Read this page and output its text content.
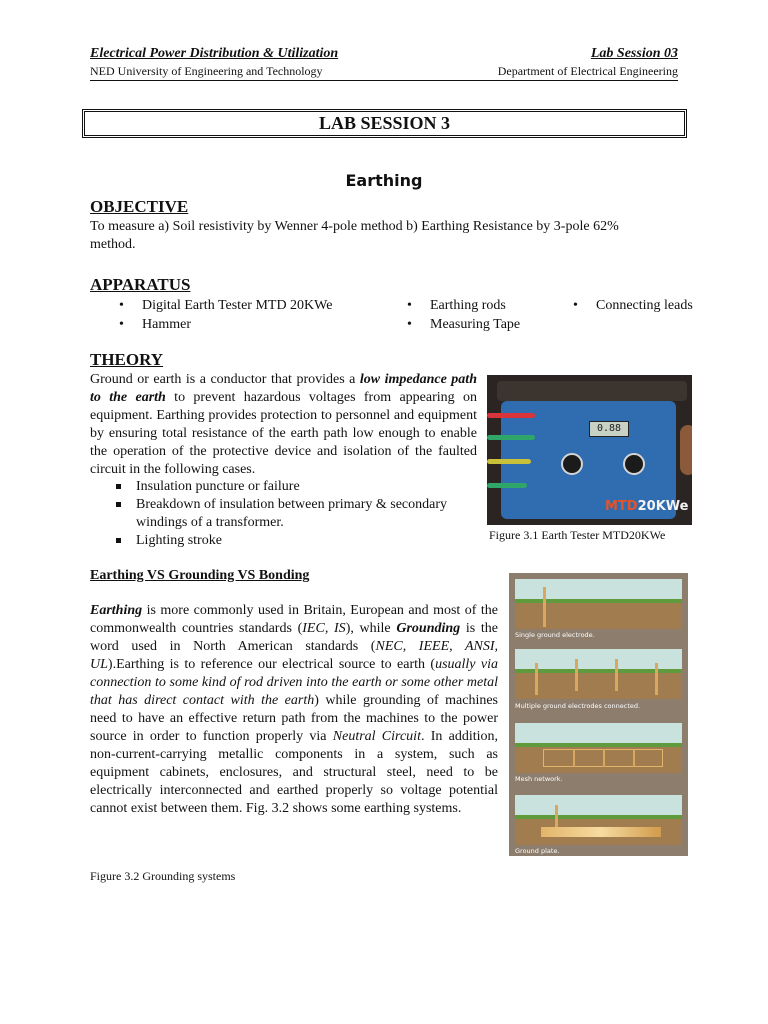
Electrical Power Distribution & Utilization	Lab Session 03
NED University of Engineering and Technology	Department of Electrical Engineering
LAB SESSION 3
Earthing
OBJECTIVE
To measure a) Soil resistivity by Wenner 4-pole method b) Earthing Resistance by 3-pole 62%
method.
APPARATUS
• Digital Earth Tester MTD 20KWe
• Hammer
• Earthing rods
• Measuring Tape
• Connecting leads
THEORY
Ground or earth is a conductor that provides a low impedance path to the earth to prevent hazardous voltages from appearing on equipment. Earthing provides protection to personnel and equipment by ensuring total resistance of the earth path low enough to enable the operation of the protective device and isolation of the faulted circuit in the following cases.
Insulation puncture or failure
Breakdown of insulation between primary & secondary windings of a transformer.
Lighting stroke
0.88
MTD20KWe
Figure 3.1 Earth Tester MTD20KWe
Earthing VS Grounding VS Bonding
Earthing is more commonly used in Britain, European and most of the commonwealth countries standards (IEC, IS), while Grounding is the word used in North American standards (NEC, IEEE, ANSI, UL).Earthing is to reference our electrical source to earth (usually via connection to some kind of rod driven into the earth or some other metal that has direct contact with the earth) while grounding of machines need to have an effective return path from the machines to the power source in order to function properly via Neutral Circuit. In addition, non-current-carrying metallic components in a system, such as equipment cabinets, enclosures, and structural steel, need to be electrically interconnected and earthed properly so voltage potential cannot exist between them. Fig. 3.2 shows some earthing systems.
Single ground electrode.
Multiple ground electrodes connected.
Mesh network.
Ground plate.
Figure 3.2 Grounding systems
